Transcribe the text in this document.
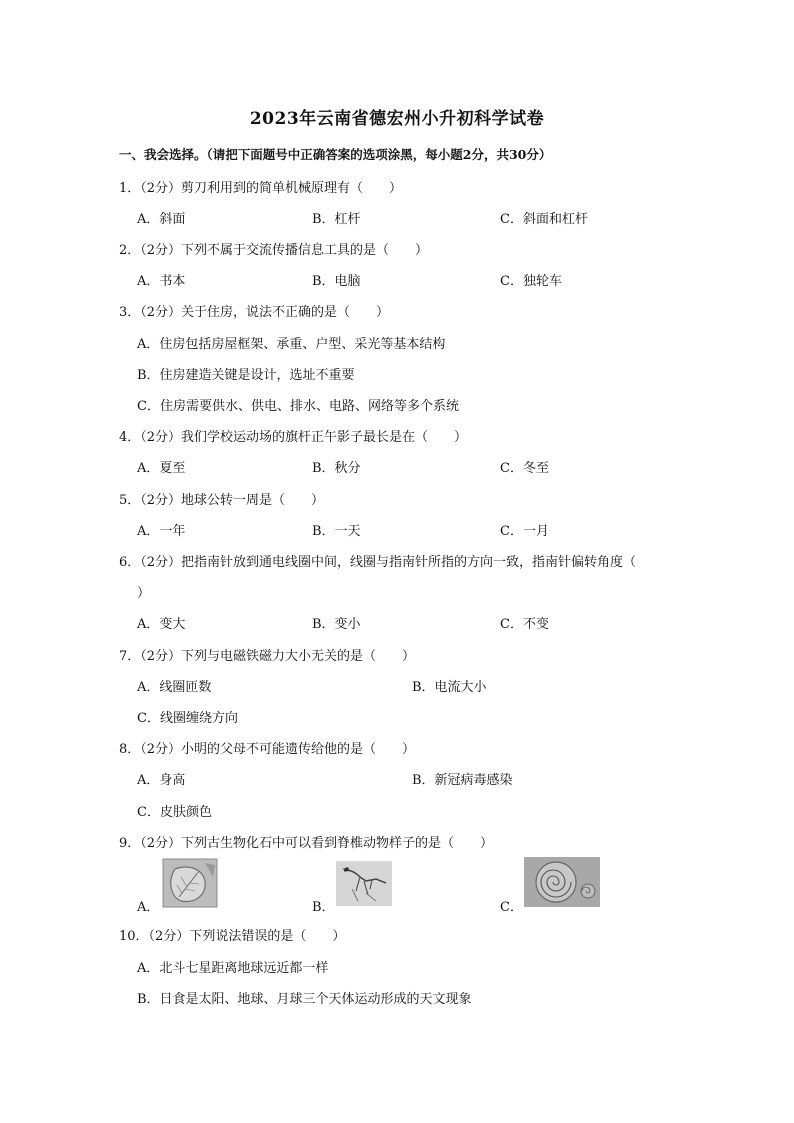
2023年云南省德宏州小升初科学试卷
一、我会选择。（请把下面题号中正确答案的选项涂黑，每小题2分，共30分）
1．（2分）剪刀利用到的简单机械原理有（　　）
A．斜面	B．杠杆	C．斜面和杠杆
2．（2分）下列不属于交流传播信息工具的是（　　）
A．书本	B．电脑	C．独轮车
3．（2分）关于住房，说法不正确的是（　　）
A．住房包括房屋框架、承重、户型、采光等基本结构
B．住房建造关键是设计，选址不重要
C．住房需要供水、供电、排水、电路、网络等多个系统
4．（2分）我们学校运动场的旗杆正午影子最长是在（　　）
A．夏至	B．秋分	C．冬至
5．（2分）地球公转一周是（　　）
A．一年	B．一天	C．一月
6．（2分）把指南针放到通电线圈中间，线圈与指南针所指的方向一致，指南针偏转角度（
）
A．变大	B．变小	C．不变
7．（2分）下列与电磁铁磁力大小无关的是（　　）
A．线圈匝数	B．电流大小
C．线圈缠绕方向
8．（2分）小明的父母不可能遗传给他的是（　　）
A．身高	B．新冠病毒感染
C．皮肤颜色
9．（2分）下列古生物化石中可以看到脊椎动物样子的是（　　）
A．	B．	C．
10．（2分）下列说法错误的是（　　）
A．北斗七星距离地球远近都一样
B．日食是太阳、地球、月球三个天体运动形成的天文现象
